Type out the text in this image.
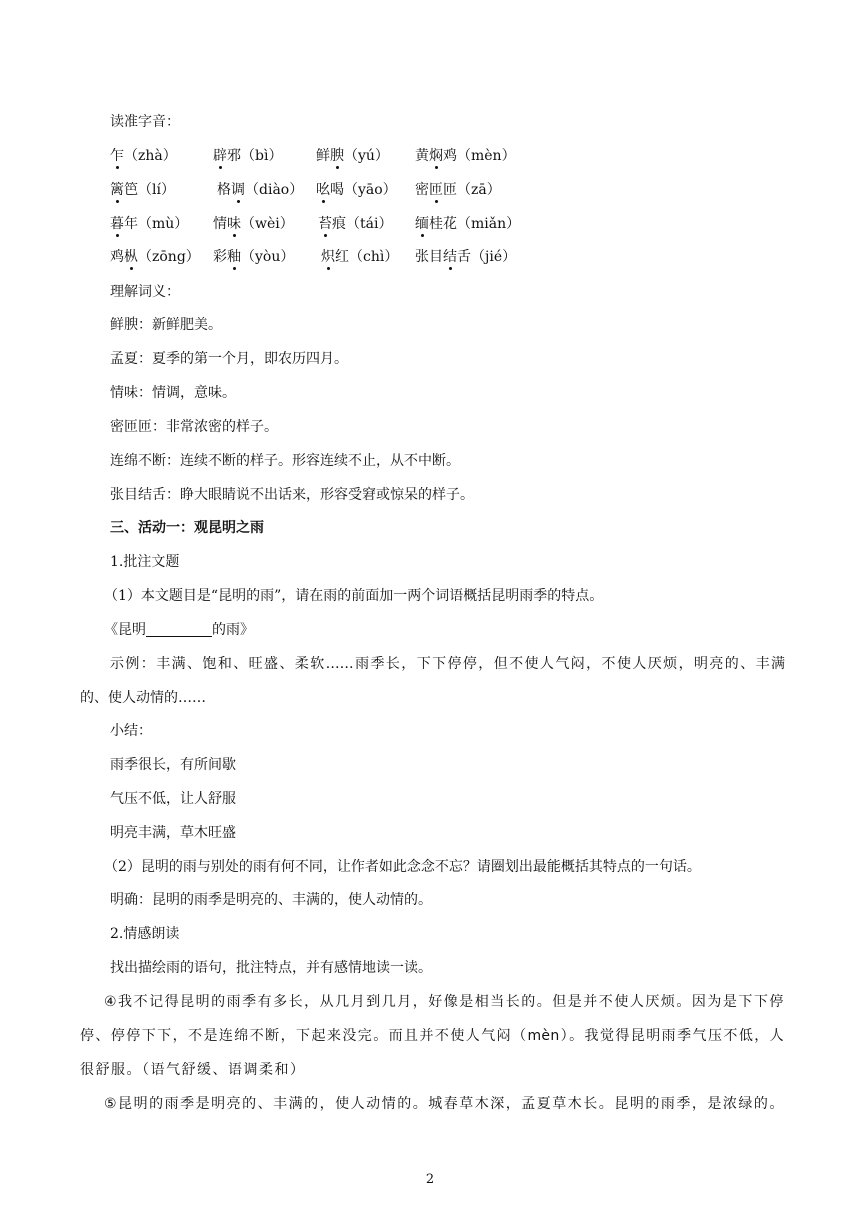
读准字音：
乍（zhà）	辟邪（bì） 鲜腴（yú） 黄焖鸡（mèn）
篱笆（lí）	格调（diào） 吆喝（yāo） 密匝匝（zā）
暮年（mù） 情味（wèi） 苔痕（tái） 缅桂花（miǎn）
鸡枞（zōng） 彩釉（yòu） 炽红（chì） 张目结舌（jié）
理解词义：
鲜腴：新鲜肥美。
孟夏：夏季的第一个月，即农历四月。
情味：情调，意味。
密匝匝：非常浓密的样子。
连绵不断：连续不断的样子。形容连续不止，从不中断。
张目结舌：睁大眼睛说不出话来，形容受窘或惊呆的样子。
三、活动一：观昆明之雨
1.批注文题
（1）本文题目是“昆明的雨”，请在雨的前面加一两个词语概括昆明雨季的特点。
《昆明	的雨》
示例：丰满、饱和、旺盛、柔软……雨季长，下下停停，但不使人气闷，不使人厌烦，明亮的、丰满
的、使人动情的……
小结：
雨季很长，有所间歇
气压不低，让人舒服
明亮丰满，草木旺盛
（2）昆明的雨与别处的雨有何不同，让作者如此念念不忘？请圈划出最能概括其特点的一句话。
明确：昆明的雨季是明亮的、丰满的，使人动情的。
2.情感朗读
找出描绘雨的语句，批注特点，并有感情地读一读。
④我不记得昆明的雨季有多长，从几月到几月，好像是相当长的。但是并不使人厌烦。因为是下下停
停、停停下下，不是连绵不断，下起来没完。而且并不使人气闷（mèn）。我觉得昆明雨季气压不低，人
很舒服。（语气舒缓、语调柔和）
⑤昆明的雨季是明亮的、丰满的，使人动情的。城春草木深，孟夏草木长。昆明的雨季，是浓绿的。
2
